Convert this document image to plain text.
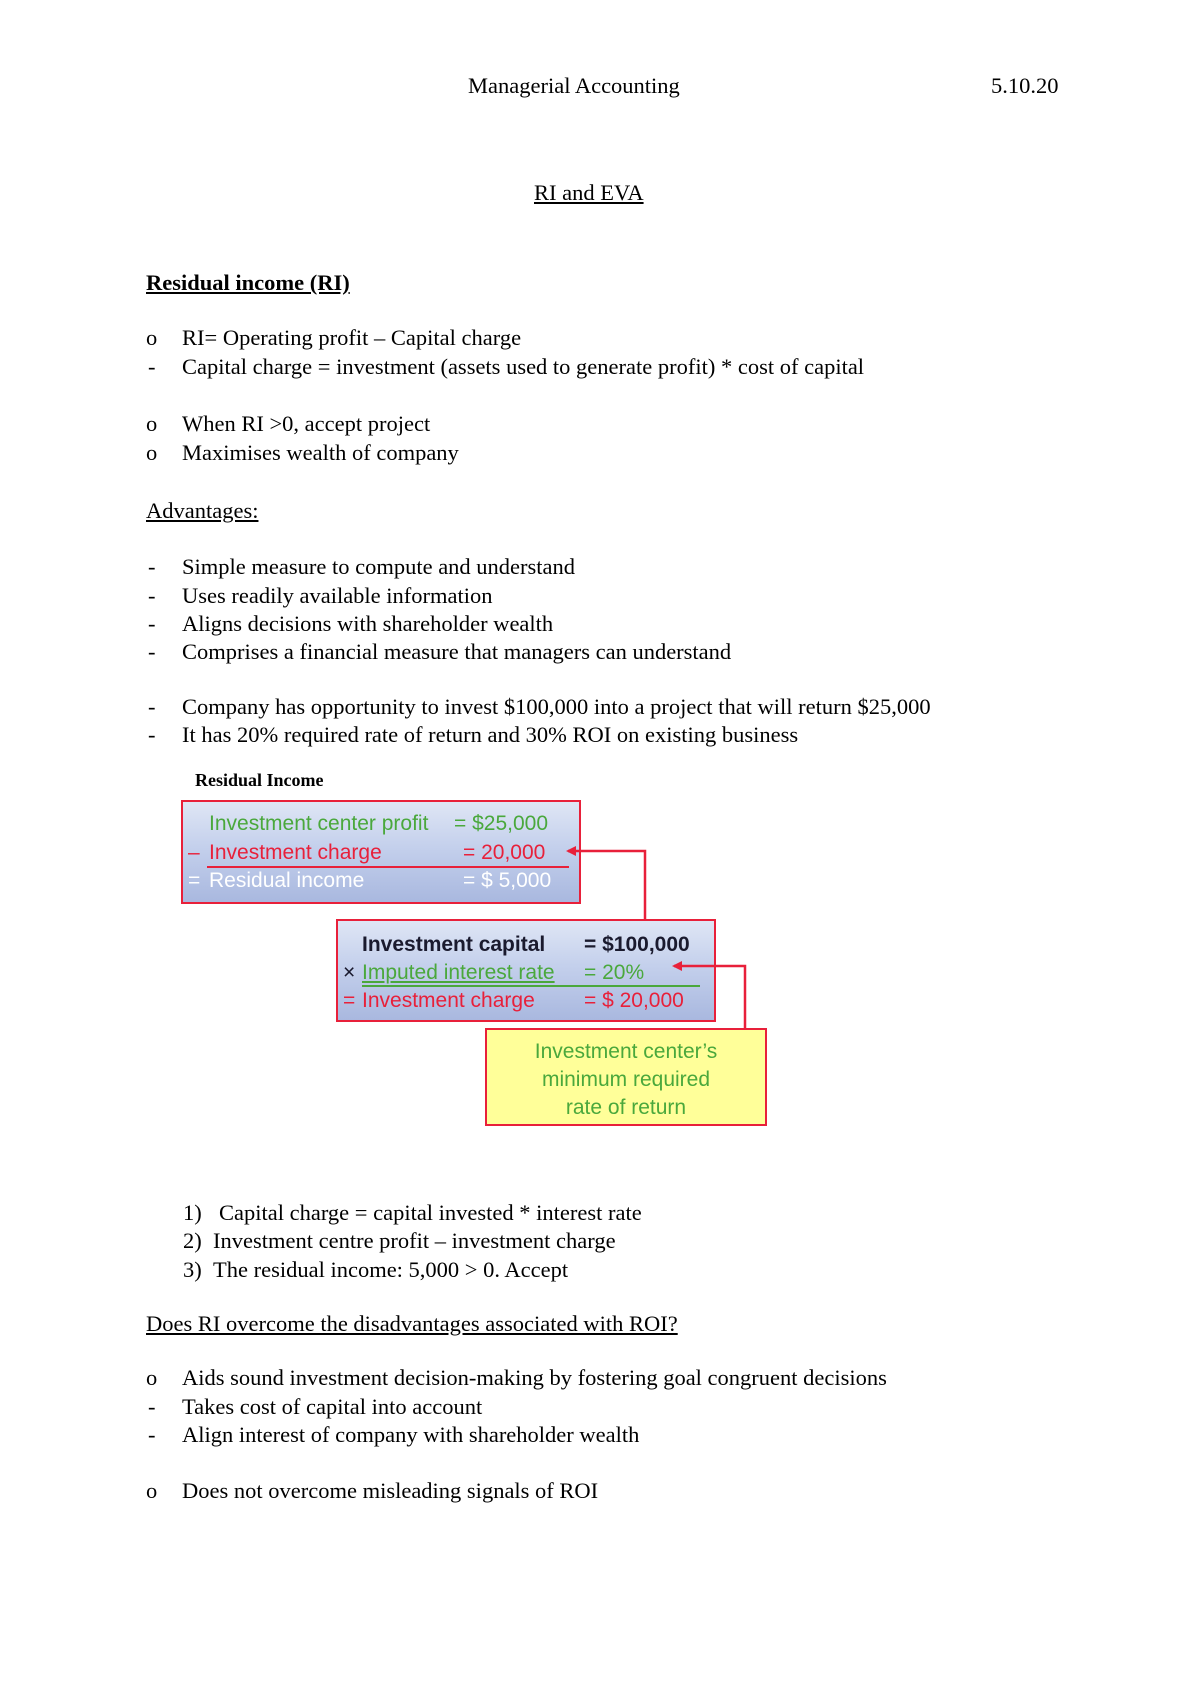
Managerial Accounting	5.10.20
RI and EVA
Residual income (RI)
o RI= Operating profit – Capital charge
- Capital charge = investment (assets used to generate profit) * cost of capital
o When RI >0, accept project
o Maximises wealth of company
Advantages:
- Simple measure to compute and understand
- Uses readily available information
- Aligns decisions with shareholder wealth
- Comprises a financial measure that managers can understand
- Company has opportunity to invest $100,000 into a project that will return $25,000
- It has 20% required rate of return and 30% ROI on existing business
Residual Income
Investment center profit = $25,000
– Investment charge	= 20,000
= Residual income	= $ 5,000
Investment capital = $100,000
× Imputed interest rate = 20%
= Investment charge = $ 20,000
Investment center’s
minimum required
rate of return
1) Capital charge = capital invested * interest rate
2) Investment centre profit – investment charge
3) The residual income: 5,000 > 0. Accept
Does RI overcome the disadvantages associated with ROI?
o Aids sound investment decision-making by fostering goal congruent decisions
- Takes cost of capital into account
- Align interest of company with shareholder wealth
o Does not overcome misleading signals of ROI
